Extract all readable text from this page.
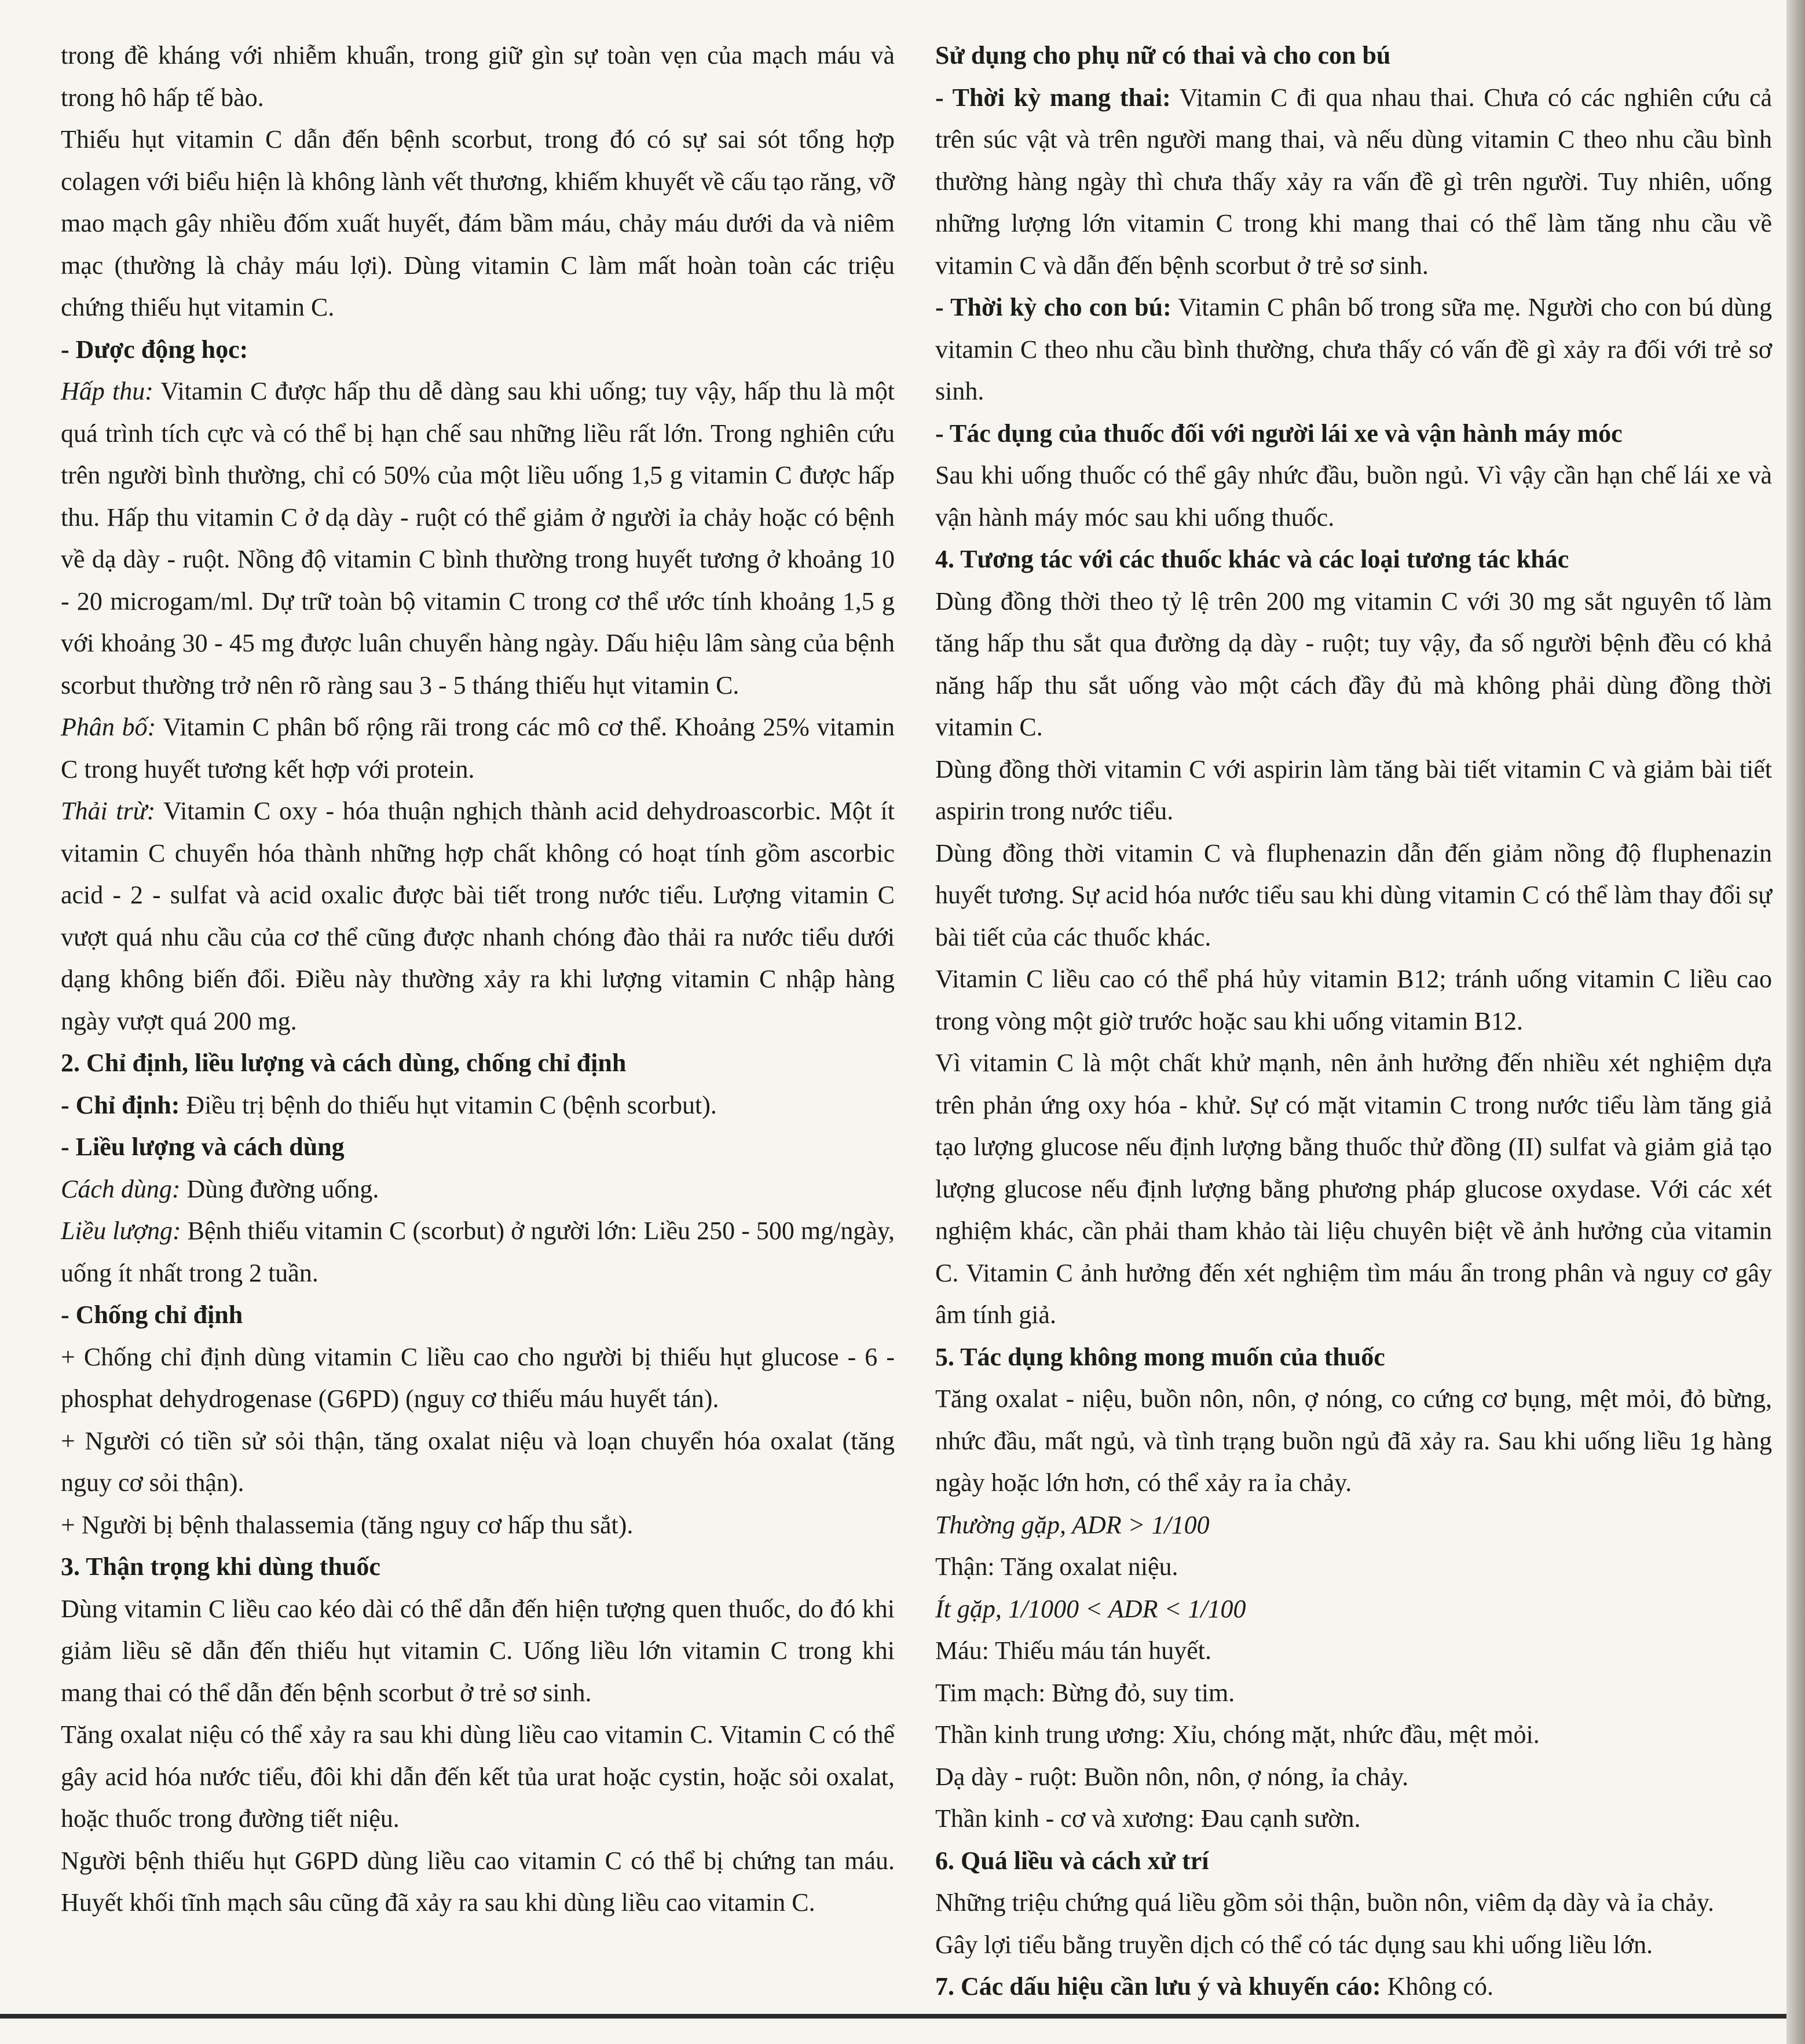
trong đề kháng với nhiễm khuẩn, trong giữ gìn sự toàn vẹn của mạch máu và trong hô hấp tế bào.

Thiếu hụt vitamin C dẫn đến bệnh scorbut, trong đó có sự sai sót tổng hợp colagen với biểu hiện là không lành vết thương, khiếm khuyết về cấu tạo răng, vỡ mao mạch gây nhiều đốm xuất huyết, đám bầm máu, chảy máu dưới da và niêm mạc (thường là chảy máu lợi). Dùng vitamin C làm mất hoàn toàn các triệu chứng thiếu hụt vitamin C.

- Dược động học:

Hấp thu: Vitamin C được hấp thu dễ dàng sau khi uống; tuy vậy, hấp thu là một quá trình tích cực và có thể bị hạn chế sau những liều rất lớn. Trong nghiên cứu trên người bình thường, chỉ có 50% của một liều uống 1,5 g vitamin C được hấp thu. Hấp thu vitamin C ở dạ dày - ruột có thể giảm ở người ỉa chảy hoặc có bệnh về dạ dày - ruột. Nồng độ vitamin C bình thường trong huyết tương ở khoảng 10 - 20 microgam/ml. Dự trữ toàn bộ vitamin C trong cơ thể ước tính khoảng 1,5 g với khoảng 30 - 45 mg được luân chuyển hàng ngày. Dấu hiệu lâm sàng của bệnh scorbut thường trở nên rõ ràng sau 3 - 5 tháng thiếu hụt vitamin C.

Phân bố: Vitamin C phân bố rộng rãi trong các mô cơ thể. Khoảng 25% vitamin C trong huyết tương kết hợp với protein.

Thải trừ: Vitamin C oxy - hóa thuận nghịch thành acid dehydroascorbic. Một ít vitamin C chuyển hóa thành những hợp chất không có hoạt tính gồm ascorbic acid - 2 - sulfat và acid oxalic được bài tiết trong nước tiểu. Lượng vitamin C vượt quá nhu cầu của cơ thể cũng được nhanh chóng đào thải ra nước tiểu dưới dạng không biến đổi. Điều này thường xảy ra khi lượng vitamin C nhập hàng ngày vượt quá 200 mg.

2. Chỉ định, liều lượng và cách dùng, chống chỉ định

- Chỉ định: Điều trị bệnh do thiếu hụt vitamin C (bệnh scorbut).

- Liều lượng và cách dùng

Cách dùng: Dùng đường uống.

Liều lượng: Bệnh thiếu vitamin C (scorbut) ở người lớn: Liều 250 - 500 mg/ngày, uống ít nhất trong 2 tuần.

- Chống chỉ định

+ Chống chỉ định dùng vitamin C liều cao cho người bị thiếu hụt glucose - 6 - phosphat dehydrogenase (G6PD) (nguy cơ thiếu máu huyết tán).

+ Người có tiền sử sỏi thận, tăng oxalat niệu và loạn chuyển hóa oxalat (tăng nguy cơ sỏi thận).

+ Người bị bệnh thalassemia (tăng nguy cơ hấp thu sắt).

3. Thận trọng khi dùng thuốc

Dùng vitamin C liều cao kéo dài có thể dẫn đến hiện tượng quen thuốc, do đó khi giảm liều sẽ dẫn đến thiếu hụt vitamin C. Uống liều lớn vitamin C trong khi mang thai có thể dẫn đến bệnh scorbut ở trẻ sơ sinh.

Tăng oxalat niệu có thể xảy ra sau khi dùng liều cao vitamin C. Vitamin C có thể gây acid hóa nước tiểu, đôi khi dẫn đến kết tủa urat hoặc cystin, hoặc sỏi oxalat, hoặc thuốc trong đường tiết niệu.

Người bệnh thiếu hụt G6PD dùng liều cao vitamin C có thể bị chứng tan máu. Huyết khối tĩnh mạch sâu cũng đã xảy ra sau khi dùng liều cao vitamin C.

Sử dụng cho phụ nữ có thai và cho con bú

- Thời kỳ mang thai: Vitamin C đi qua nhau thai. Chưa có các nghiên cứu cả trên súc vật và trên người mang thai, và nếu dùng vitamin C theo nhu cầu bình thường hàng ngày thì chưa thấy xảy ra vấn đề gì trên người. Tuy nhiên, uống những lượng lớn vitamin C trong khi mang thai có thể làm tăng nhu cầu về vitamin C và dẫn đến bệnh scorbut ở trẻ sơ sinh.

- Thời kỳ cho con bú: Vitamin C phân bố trong sữa mẹ. Người cho con bú dùng vitamin C theo nhu cầu bình thường, chưa thấy có vấn đề gì xảy ra đối với trẻ sơ sinh.

- Tác dụng của thuốc đối với người lái xe và vận hành máy móc

Sau khi uống thuốc có thể gây nhức đầu, buồn ngủ. Vì vậy cần hạn chế lái xe và vận hành máy móc sau khi uống thuốc.

4. Tương tác với các thuốc khác và các loại tương tác khác

Dùng đồng thời theo tỷ lệ trên 200 mg vitamin C với 30 mg sắt nguyên tố làm tăng hấp thu sắt qua đường dạ dày - ruột; tuy vậy, đa số người bệnh đều có khả năng hấp thu sắt uống vào một cách đầy đủ mà không phải dùng đồng thời vitamin C.

Dùng đồng thời vitamin C với aspirin làm tăng bài tiết vitamin C và giảm bài tiết aspirin trong nước tiểu.

Dùng đồng thời vitamin C và fluphenazin dẫn đến giảm nồng độ fluphenazin huyết tương. Sự acid hóa nước tiểu sau khi dùng vitamin C có thể làm thay đổi sự bài tiết của các thuốc khác.

Vitamin C liều cao có thể phá hủy vitamin B12; tránh uống vitamin C liều cao trong vòng một giờ trước hoặc sau khi uống vitamin B12.

Vì vitamin C là một chất khử mạnh, nên ảnh hưởng đến nhiều xét nghiệm dựa trên phản ứng oxy hóa - khử. Sự có mặt vitamin C trong nước tiểu làm tăng giả tạo lượng glucose nếu định lượng bằng thuốc thử đồng (II) sulfat và giảm giả tạo lượng glucose nếu định lượng bằng phương pháp glucose oxydase. Với các xét nghiệm khác, cần phải tham khảo tài liệu chuyên biệt về ảnh hưởng của vitamin C. Vitamin C ảnh hưởng đến xét nghiệm tìm máu ẩn trong phân và nguy cơ gây âm tính giả.

5. Tác dụng không mong muốn của thuốc

Tăng oxalat - niệu, buồn nôn, nôn, ợ nóng, co cứng cơ bụng, mệt mỏi, đỏ bừng, nhức đầu, mất ngủ, và tình trạng buồn ngủ đã xảy ra. Sau khi uống liều 1g hàng ngày hoặc lớn hơn, có thể xảy ra ỉa chảy.

Thường gặp, ADR > 1/100

Thận: Tăng oxalat niệu.

Ít gặp, 1/1000 < ADR < 1/100

Máu: Thiếu máu tán huyết.

Tim mạch: Bừng đỏ, suy tim.

Thần kinh trung ương: Xỉu, chóng mặt, nhức đầu, mệt mỏi.

Dạ dày - ruột: Buồn nôn, nôn, ợ nóng, ỉa chảy.

Thần kinh - cơ và xương: Đau cạnh sườn.

6. Quá liều và cách xử trí

Những triệu chứng quá liều gồm sỏi thận, buồn nôn, viêm dạ dày và ỉa chảy.

Gây lợi tiểu bằng truyền dịch có thể có tác dụng sau khi uống liều lớn.

7. Các dấu hiệu cần lưu ý và khuyến cáo: Không có.
